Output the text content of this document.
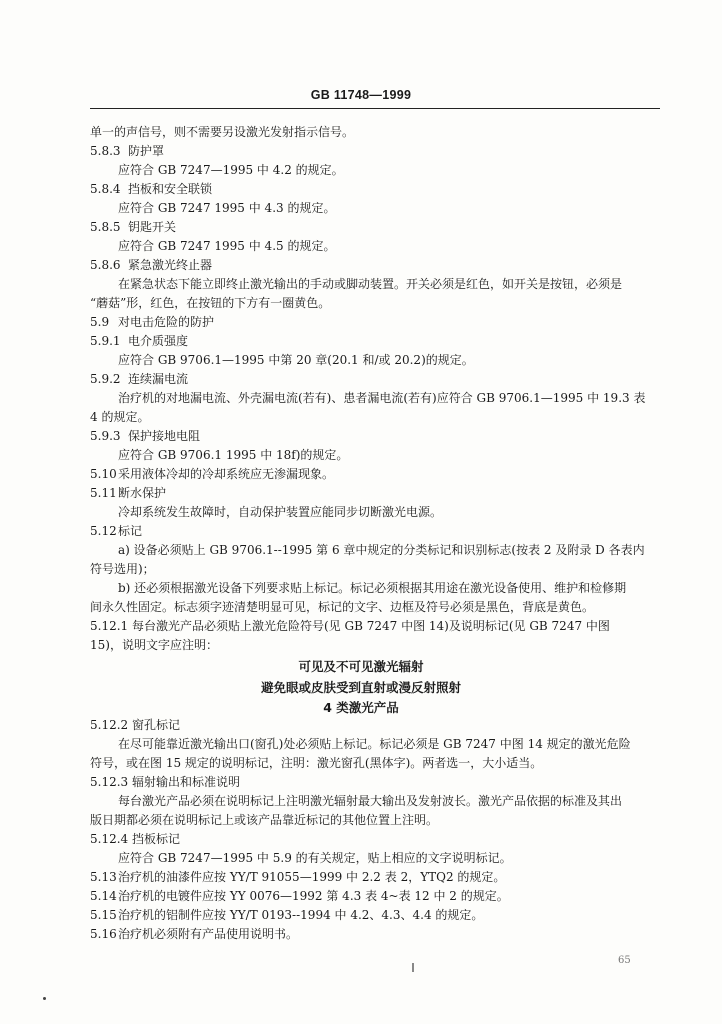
GB 11748—1999
单一的声信号，则不需要另设激光发射指示信号。
5.8.3 防护罩
应符合 GB 7247—1995 中 4.2 的规定。
5.8.4 挡板和安全联锁
应符合 GB 7247 1995 中 4.3 的规定。
5.8.5 钥匙开关
应符合 GB 7247 1995 中 4.5 的规定。
5.8.6 紧急激光终止器
在紧急状态下能立即终止激光输出的手动或脚动装置。开关必须是红色，如开关是按钮，必须是
“蘑菇”形，红色，在按钮的下方有一圈黄色。
5.9 对电击危险的防护
5.9.1 电介质强度
应符合 GB 9706.1—1995 中第 20 章(20.1 和/或 20.2)的规定。
5.9.2 连续漏电流
治疗机的对地漏电流、外壳漏电流(若有)、患者漏电流(若有)应符合 GB 9706.1—1995 中 19.3 表
4 的规定。
5.9.3 保护接地电阻
应符合 GB 9706.1 1995 中 18f)的规定。
5.10 采用液体冷却的冷却系统应无渗漏现象。
5.11 断水保护
冷却系统发生故障时，自动保护装置应能同步切断激光电源。
5.12 标记
a) 设备必须贴上 GB 9706.1--1995 第 6 章中规定的分类标记和识别标志(按表 2 及附录 D 各表内
符号选用)；
b) 还必须根据激光设备下列要求贴上标记。标记必须根据其用途在激光设备使用、维护和检修期
间永久性固定。标志须字迹清楚明显可见，标记的文字、边框及符号必须是黑色，背底是黄色。
5.12.1 每台激光产品必须贴上激光危险符号(见 GB 7247 中图 14)及说明标记(见 GB 7247 中图
15)，说明文字应注明：
可见及不可见激光辐射
避免眼或皮肤受到直射或漫反射照射
4 类激光产品
5.12.2 窗孔标记
在尽可能靠近激光输出口(窗孔)处必须贴上标记。标记必须是 GB 7247 中图 14 规定的激光危险
符号，或在图 15 规定的说明标记，注明：激光窗孔(黑体字)。两者选一，大小适当。
5.12.3 辐射输出和标准说明
每台激光产品必须在说明标记上注明激光辐射最大输出及发射波长。激光产品依据的标准及其出
版日期都必须在说明标记上或该产品靠近标记的其他位置上注明。
5.12.4 挡板标记
应符合 GB 7247—1995 中 5.9 的有关规定，贴上相应的文字说明标记。
5.13 治疗机的油漆件应按 YY/T 91055—1999 中 2.2 表 2，YTQ2 的规定。
5.14 治疗机的电镀件应按 YY 0076—1992 第 4.3 表 4~表 12 中 2 的规定。
5.15 治疗机的铝制件应按 YY/T 0193--1994 中 4.2、4.3、4.4 的规定。
5.16 治疗机必须附有产品使用说明书。
65
